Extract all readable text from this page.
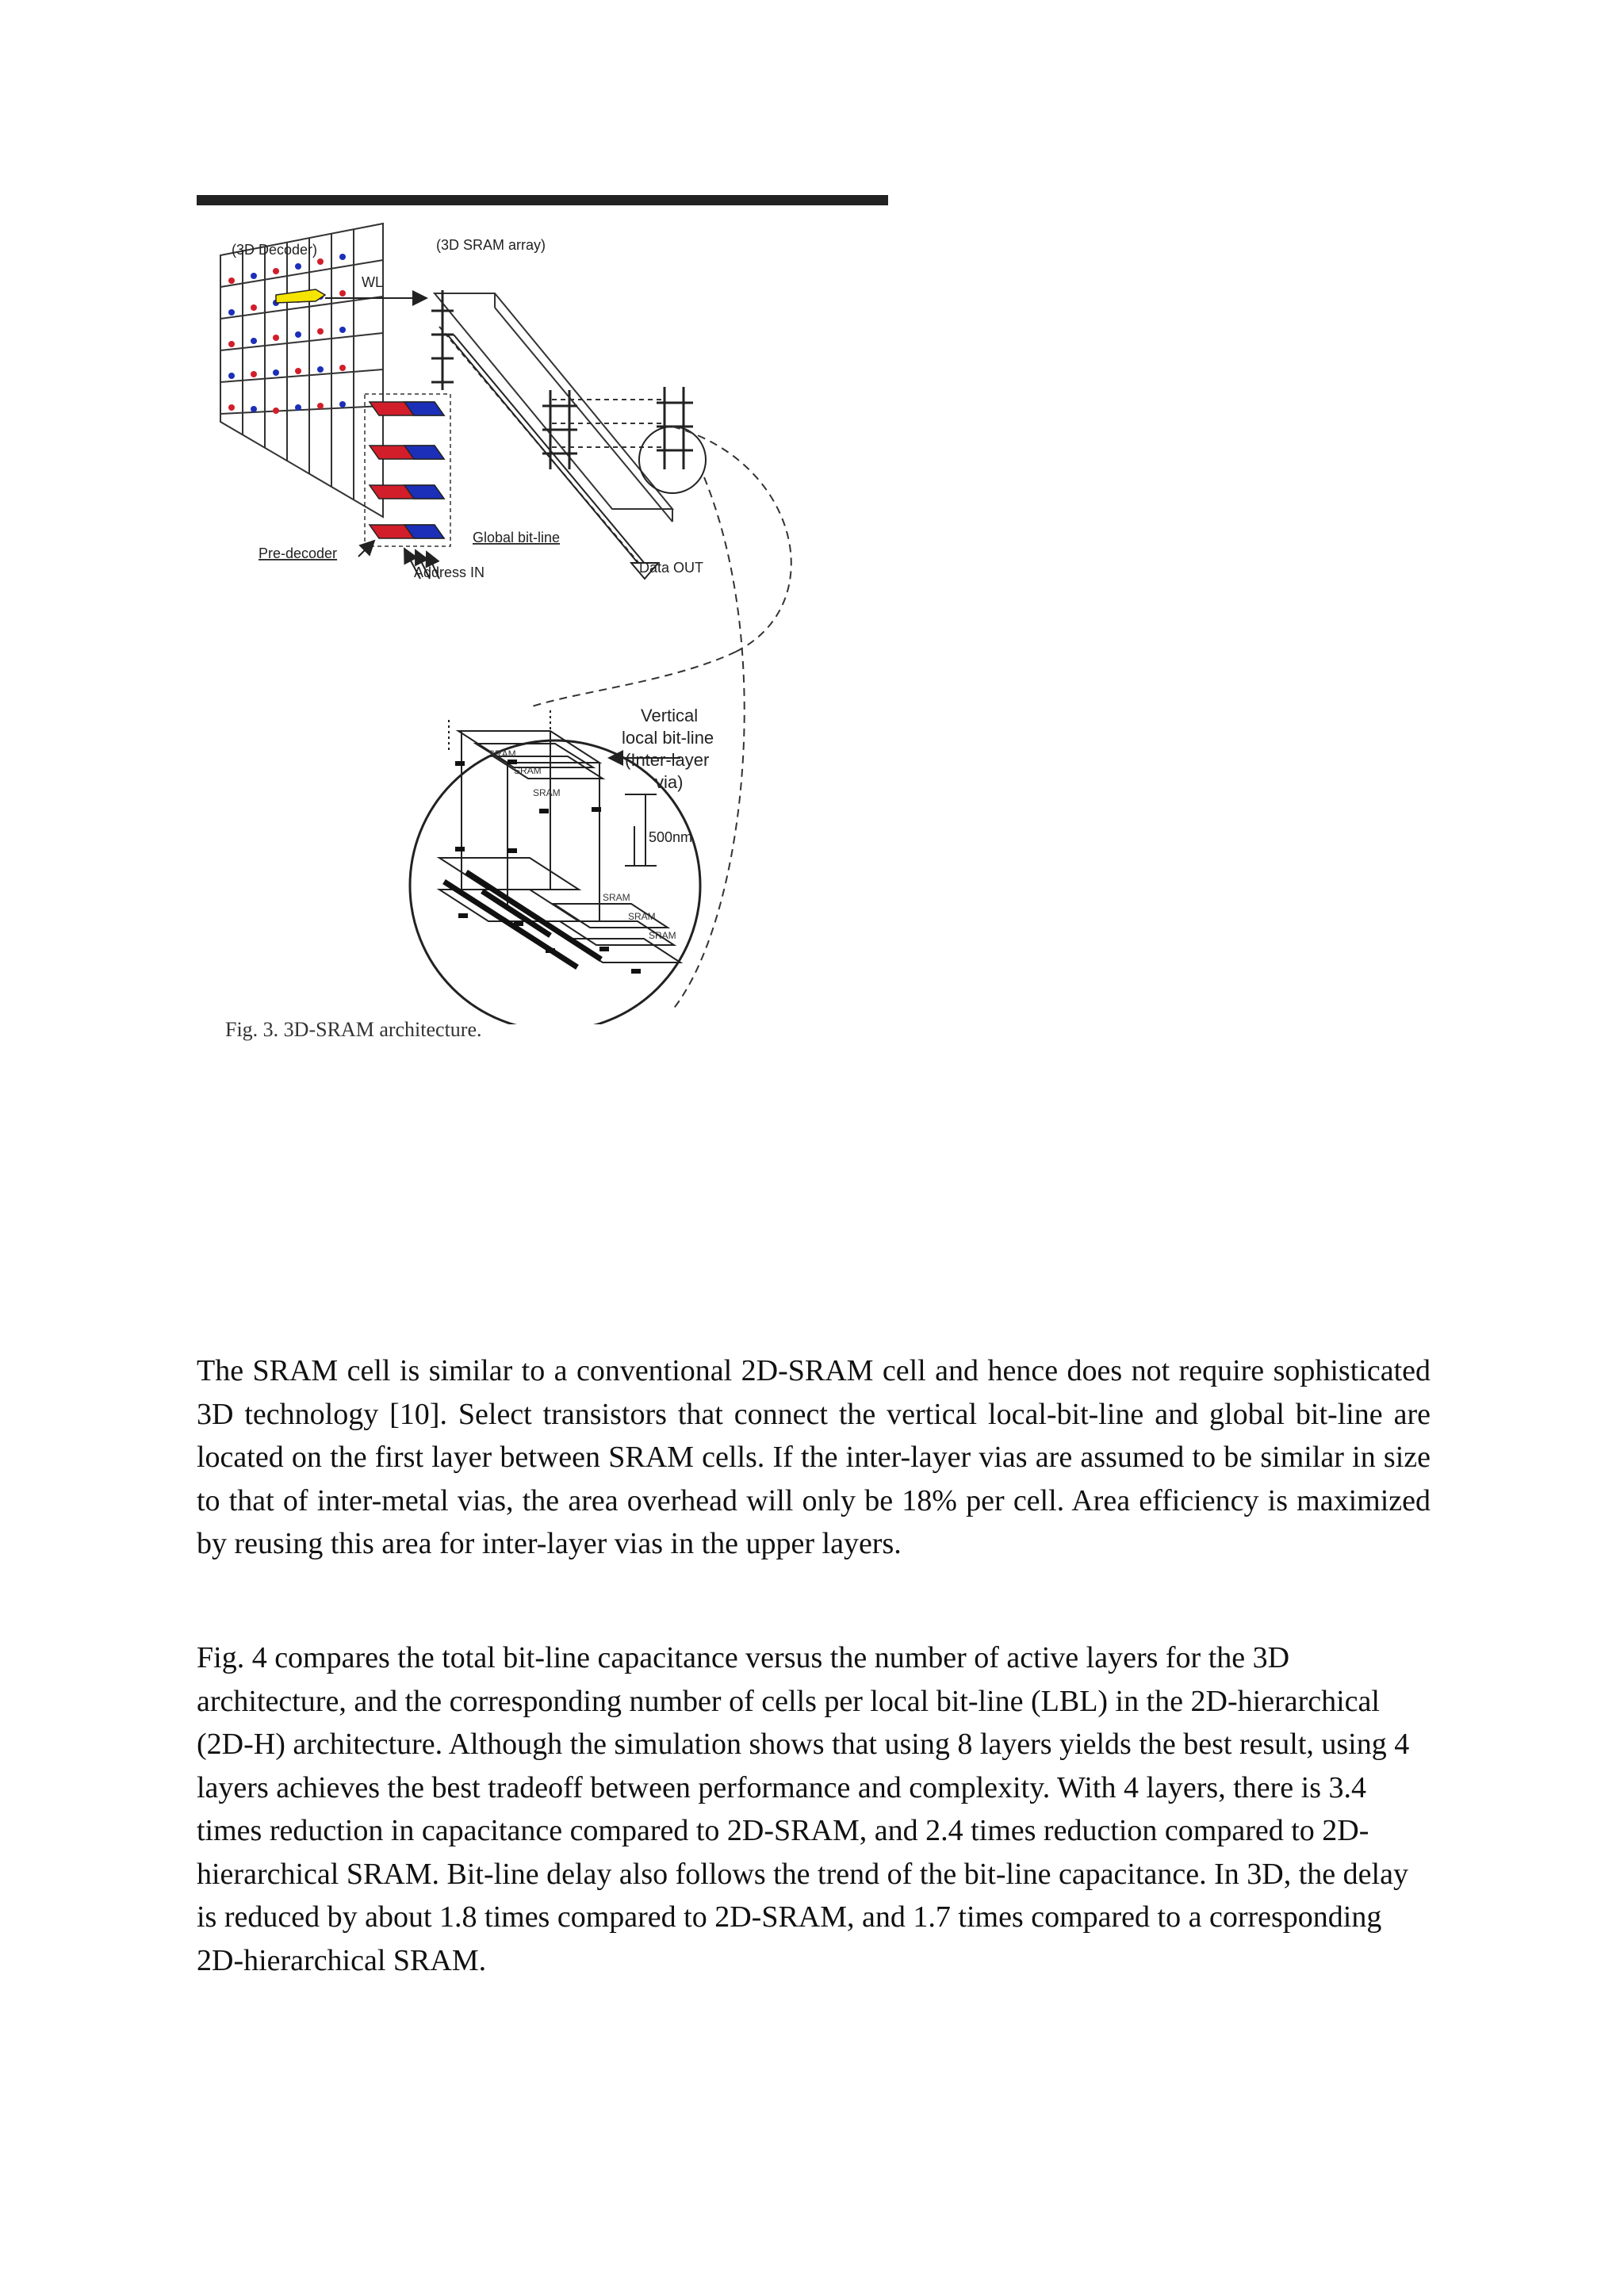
(3D Decoder)	(3D SRAM array)
WL
Pre-decoder
Global bit-line
Address IN	Data OUT
Vertical
local bit-line
(Inter-layer
via)
500nm
SRAM
SRAM
SRAM
SRAM
SRAM
SRAM
Fig. 3. 3D-SRAM architecture.

The SRAM cell is similar to a conventional 2D-SRAM cell and hence does not require sophisticated 3D technology [10]. Select transistors that connect the vertical local-bit-line and global bit-line are located on the first layer between SRAM cells. If the inter-layer vias are assumed to be similar in size to that of inter-metal vias, the area overhead will only be 18% per cell. Area efficiency is maximized by reusing this area for inter-layer vias in the upper layers.

Fig. 4 compares the total bit-line capacitance versus the number of active layers for the 3D architecture, and the corresponding number of cells per local bit-line (LBL) in the 2D-hierarchical (2D-H) architecture. Although the simulation shows that using 8 layers yields the best result, using 4 layers achieves the best tradeoff between performance and complexity. With 4 layers, there is 3.4 times reduction in capacitance compared to 2D-SRAM, and 2.4 times reduction compared to 2D-hierarchical SRAM. Bit-line delay also follows the trend of the bit-line capacitance. In 3D, the delay is reduced by about 1.8 times compared to 2D-SRAM, and 1.7 times compared to a corresponding 2D-hierarchical SRAM.
